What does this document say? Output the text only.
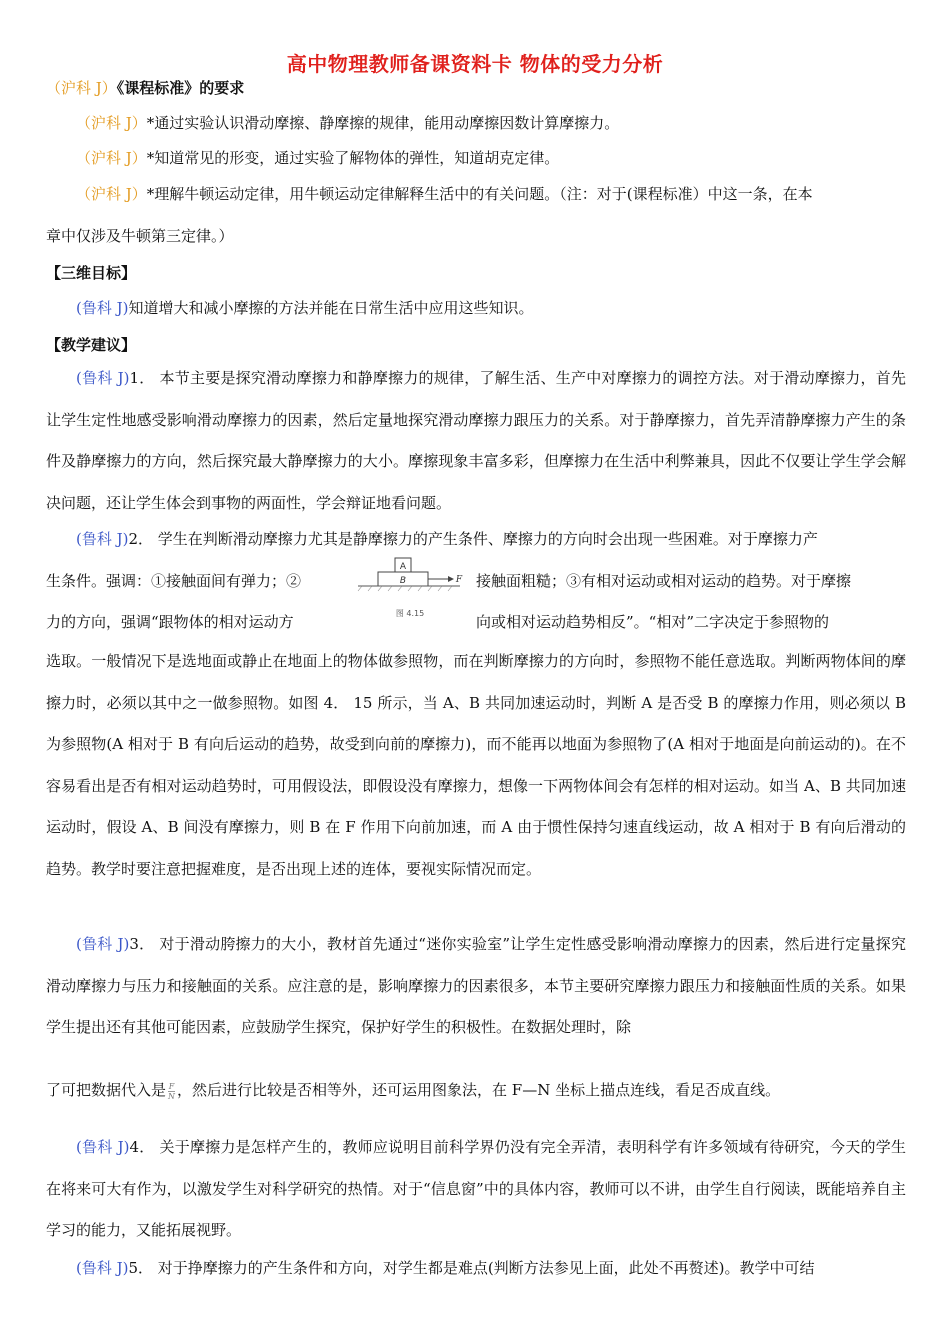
高中物理教师备课资料卡 物体的受力分析
（沪科 J）《课程标准》的要求
（沪科 J）*通过实验认识滑动摩擦、静摩擦的规律，能用动摩擦因数计算摩擦力。
（沪科 J）*知道常见的形变，通过实验了解物体的弹性，知道胡克定律。
（沪科 J）*理解牛顿运动定律，用牛顿运动定律解释生活中的有关问题。（注：对于(课程标准）中这一条，在本
章中仅涉及牛顿第三定律。）
【三维目标】
(鲁科 J)知道增大和减小摩擦的方法并能在日常生活中应用这些知识。
【教学建议】
(鲁科 J)1． 本节主要是探究滑动摩擦力和静摩擦力的规律，了解生活、生产中对摩擦力的调控方法。对于滑动摩擦力，首先让学生定性地感受影响滑动摩擦力的因素，然后定量地探究滑动摩擦力跟压力的关系。对于静摩擦力，首先弄清静摩擦力产生的条件及静摩擦力的方向，然后探究最大静摩擦力的大小。摩擦现象丰富多彩，但摩擦力在生活中利弊兼具，因此不仅要让学生学会解决问题，还让学生体会到事物的两面性，学会辩证地看问题。
(鲁科 J)2． 学生在判断滑动摩擦力尤其是静摩擦力的产生条件、摩擦力的方向时会出现一些困难。对于摩擦力产
生条件。强调：①接触面间有弹力；②	接触面粗糙；③有相对运动或相对运动的趋势。对于摩擦
力的方向，强调“跟物体的相对运动方	向或相对运动趋势相反”。“相对”二字决定于参照物的
A
B	F
图 4.15
选取。一般情况下是选地面或静止在地面上的物体做参照物，而在判断摩擦力的方向时，参照物不能任意选取。判断两物体间的摩擦力时，必须以其中之一做参照物。如图 4． 15 所示，当 A、B 共同加速运动时，判断 A 是否受 B 的摩擦力作用，则必须以 B 为参照物(A 相对于 B 有向后运动的趋势，故受到向前的摩擦力)，而不能再以地面为参照物了(A 相对于地面是向前运动的)。在不容易看出是否有相对运动趋势时，可用假设法，即假设没有摩擦力，想像一下两物体间会有怎样的相对运动。如当 A、B 共同加速运动时，假设 A、B 间没有摩擦力，则 B 在 F 作用下向前加速，而 A 由于惯性保持匀速直线运动，故 A 相对于 B 有向后滑动的趋势。教学时要注意把握难度，是否出现上述的连体，要视实际情况而定。
(鲁科 J)3． 对于滑动胯擦力的大小，教材首先通过“迷你实验室”让学生定性感受影响滑动摩擦力的因素，然后进行定量探究滑动摩擦力与压力和接触面的关系。应注意的是，影响摩擦力的因素很多，本节主要研究摩擦力跟压力和接触面性质的关系。如果学生提出还有其他可能因素，应鼓励学生探究，保护好学生的积极性。在数据处理时，除
了可把数据代入是 $\frac{F}{N}$ ，然后进行比较是否相等外，还可运用图象法，在 F—N 坐标上描点连线，看足否成直线。
(鲁科 J)4． 关于摩擦力是怎样产生的，教师应说明目前科学界仍没有完全弄清，表明科学有许多领域有待研究，今天的学生在将来可大有作为，以激发学生对科学研究的热情。对于“信息窗”中的具体内容，教师可以不讲，由学生自行阅读，既能培养自主学习的能力，又能拓展视野。
(鲁科 J)5． 对于挣摩擦力的产生条件和方向，对学生都是难点(判断方法参见上面，此处不再赘述)。教学中可结
